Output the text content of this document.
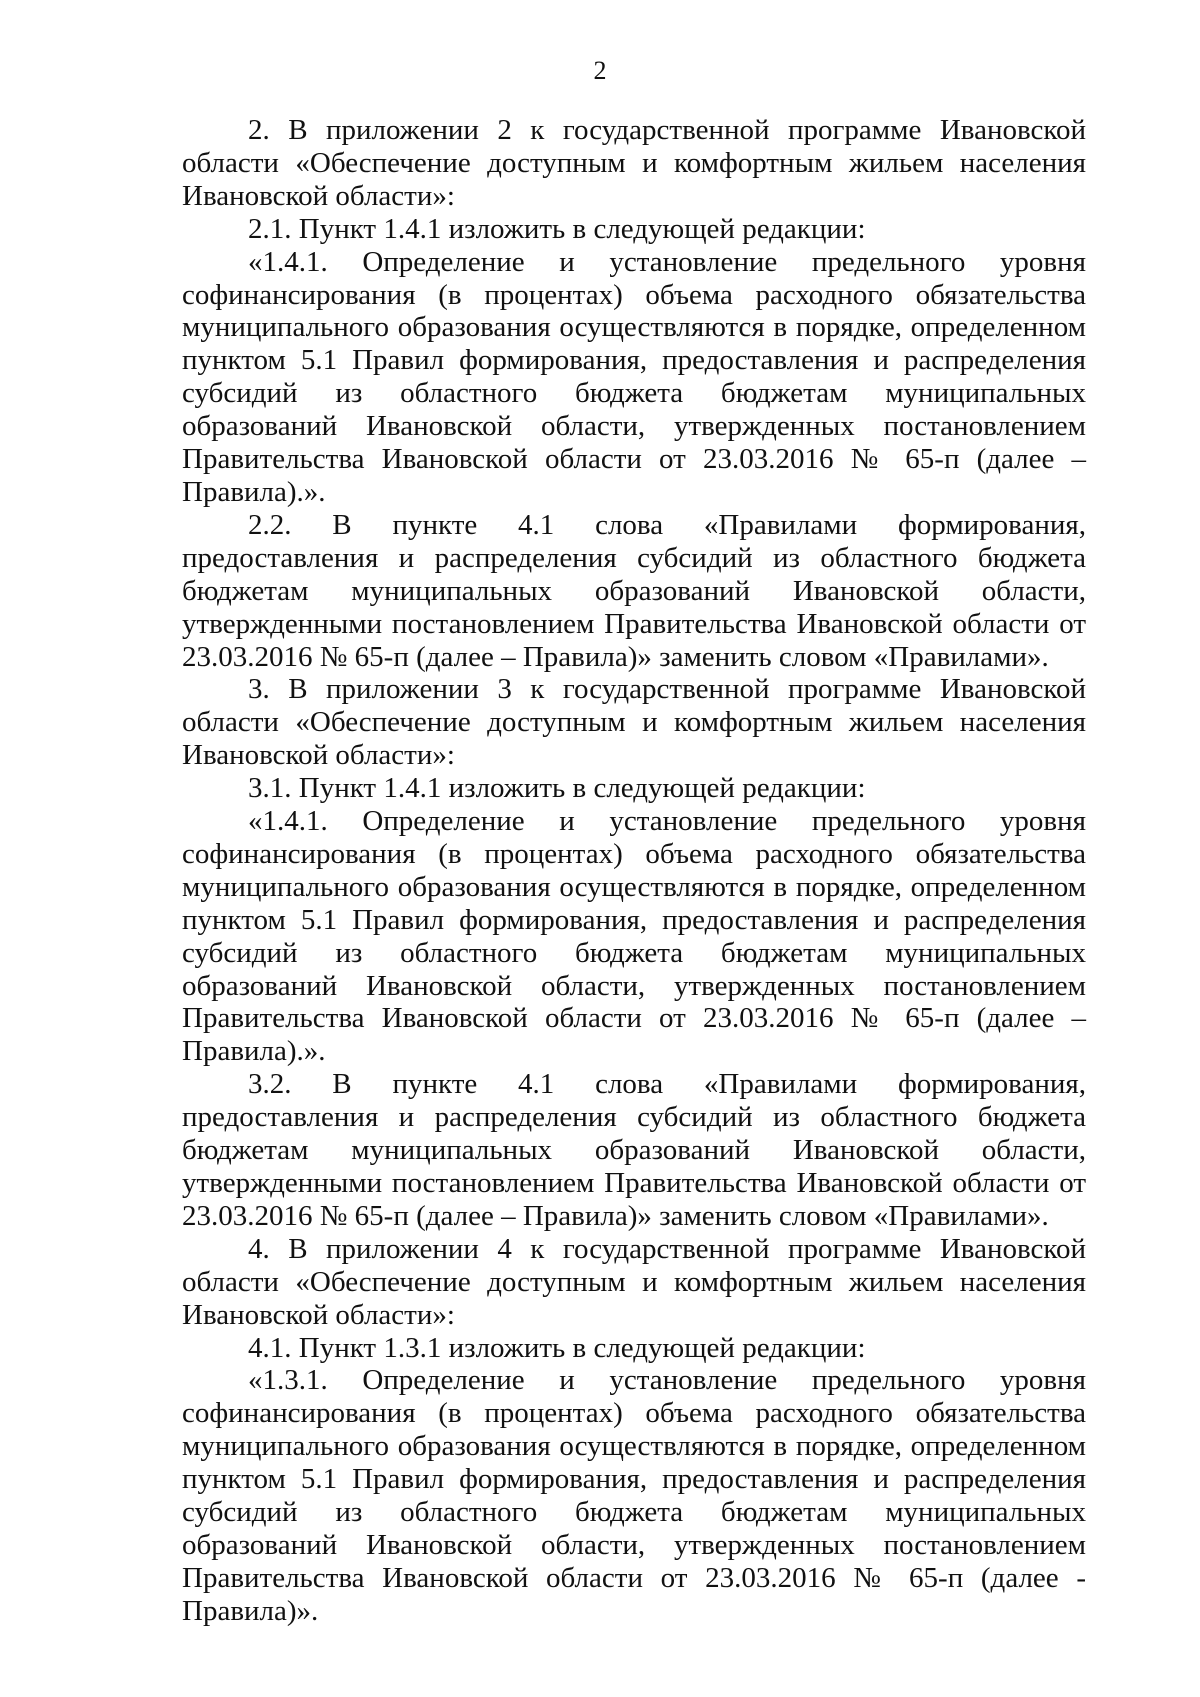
2

2. В приложении 2 к государственной программе Ивановской области «Обеспечение доступным и комфортным жильем населения Ивановской области»:

2.1. Пункт 1.4.1 изложить в следующей редакции:

«1.4.1. Определение и установление предельного уровня софинансирования (в процентах) объема расходного обязательства муниципального образования осуществляются в порядке, определенном пунктом 5.1 Правил формирования, предоставления и распределения субсидий из областного бюджета бюджетам муниципальных образований Ивановской области, утвержденных постановлением Правительства Ивановской области от 23.03.2016 № 65-п (далее – Правила).».

2.2. В пункте 4.1 слова «Правилами формирования, предоставления и распределения субсидий из областного бюджета бюджетам муниципальных образований Ивановской области, утвержденными постановлением Правительства Ивановской области от 23.03.2016 № 65-п (далее – Правила)» заменить словом «Правилами».

3. В приложении 3 к государственной программе Ивановской области «Обеспечение доступным и комфортным жильем населения Ивановской области»:

3.1. Пункт 1.4.1 изложить в следующей редакции:

«1.4.1. Определение и установление предельного уровня софинансирования (в процентах) объема расходного обязательства муниципального образования осуществляются в порядке, определенном пунктом 5.1 Правил формирования, предоставления и распределения субсидий из областного бюджета бюджетам муниципальных образований Ивановской области, утвержденных постановлением Правительства Ивановской области от 23.03.2016 № 65-п (далее – Правила).».

3.2. В пункте 4.1 слова «Правилами формирования, предоставления и распределения субсидий из областного бюджета бюджетам муниципальных образований Ивановской области, утвержденными постановлением Правительства Ивановской области от 23.03.2016 № 65-п (далее – Правила)» заменить словом «Правилами».

4. В приложении 4 к государственной программе Ивановской области «Обеспечение доступным и комфортным жильем населения Ивановской области»:

4.1. Пункт 1.3.1 изложить в следующей редакции:

«1.3.1. Определение и установление предельного уровня софинансирования (в процентах) объема расходного обязательства муниципального образования осуществляются в порядке, определенном пунктом 5.1 Правил формирования, предоставления и распределения субсидий из областного бюджета бюджетам муниципальных образований Ивановской области, утвержденных постановлением Правительства Ивановской области от 23.03.2016 № 65-п (далее - Правила)».
